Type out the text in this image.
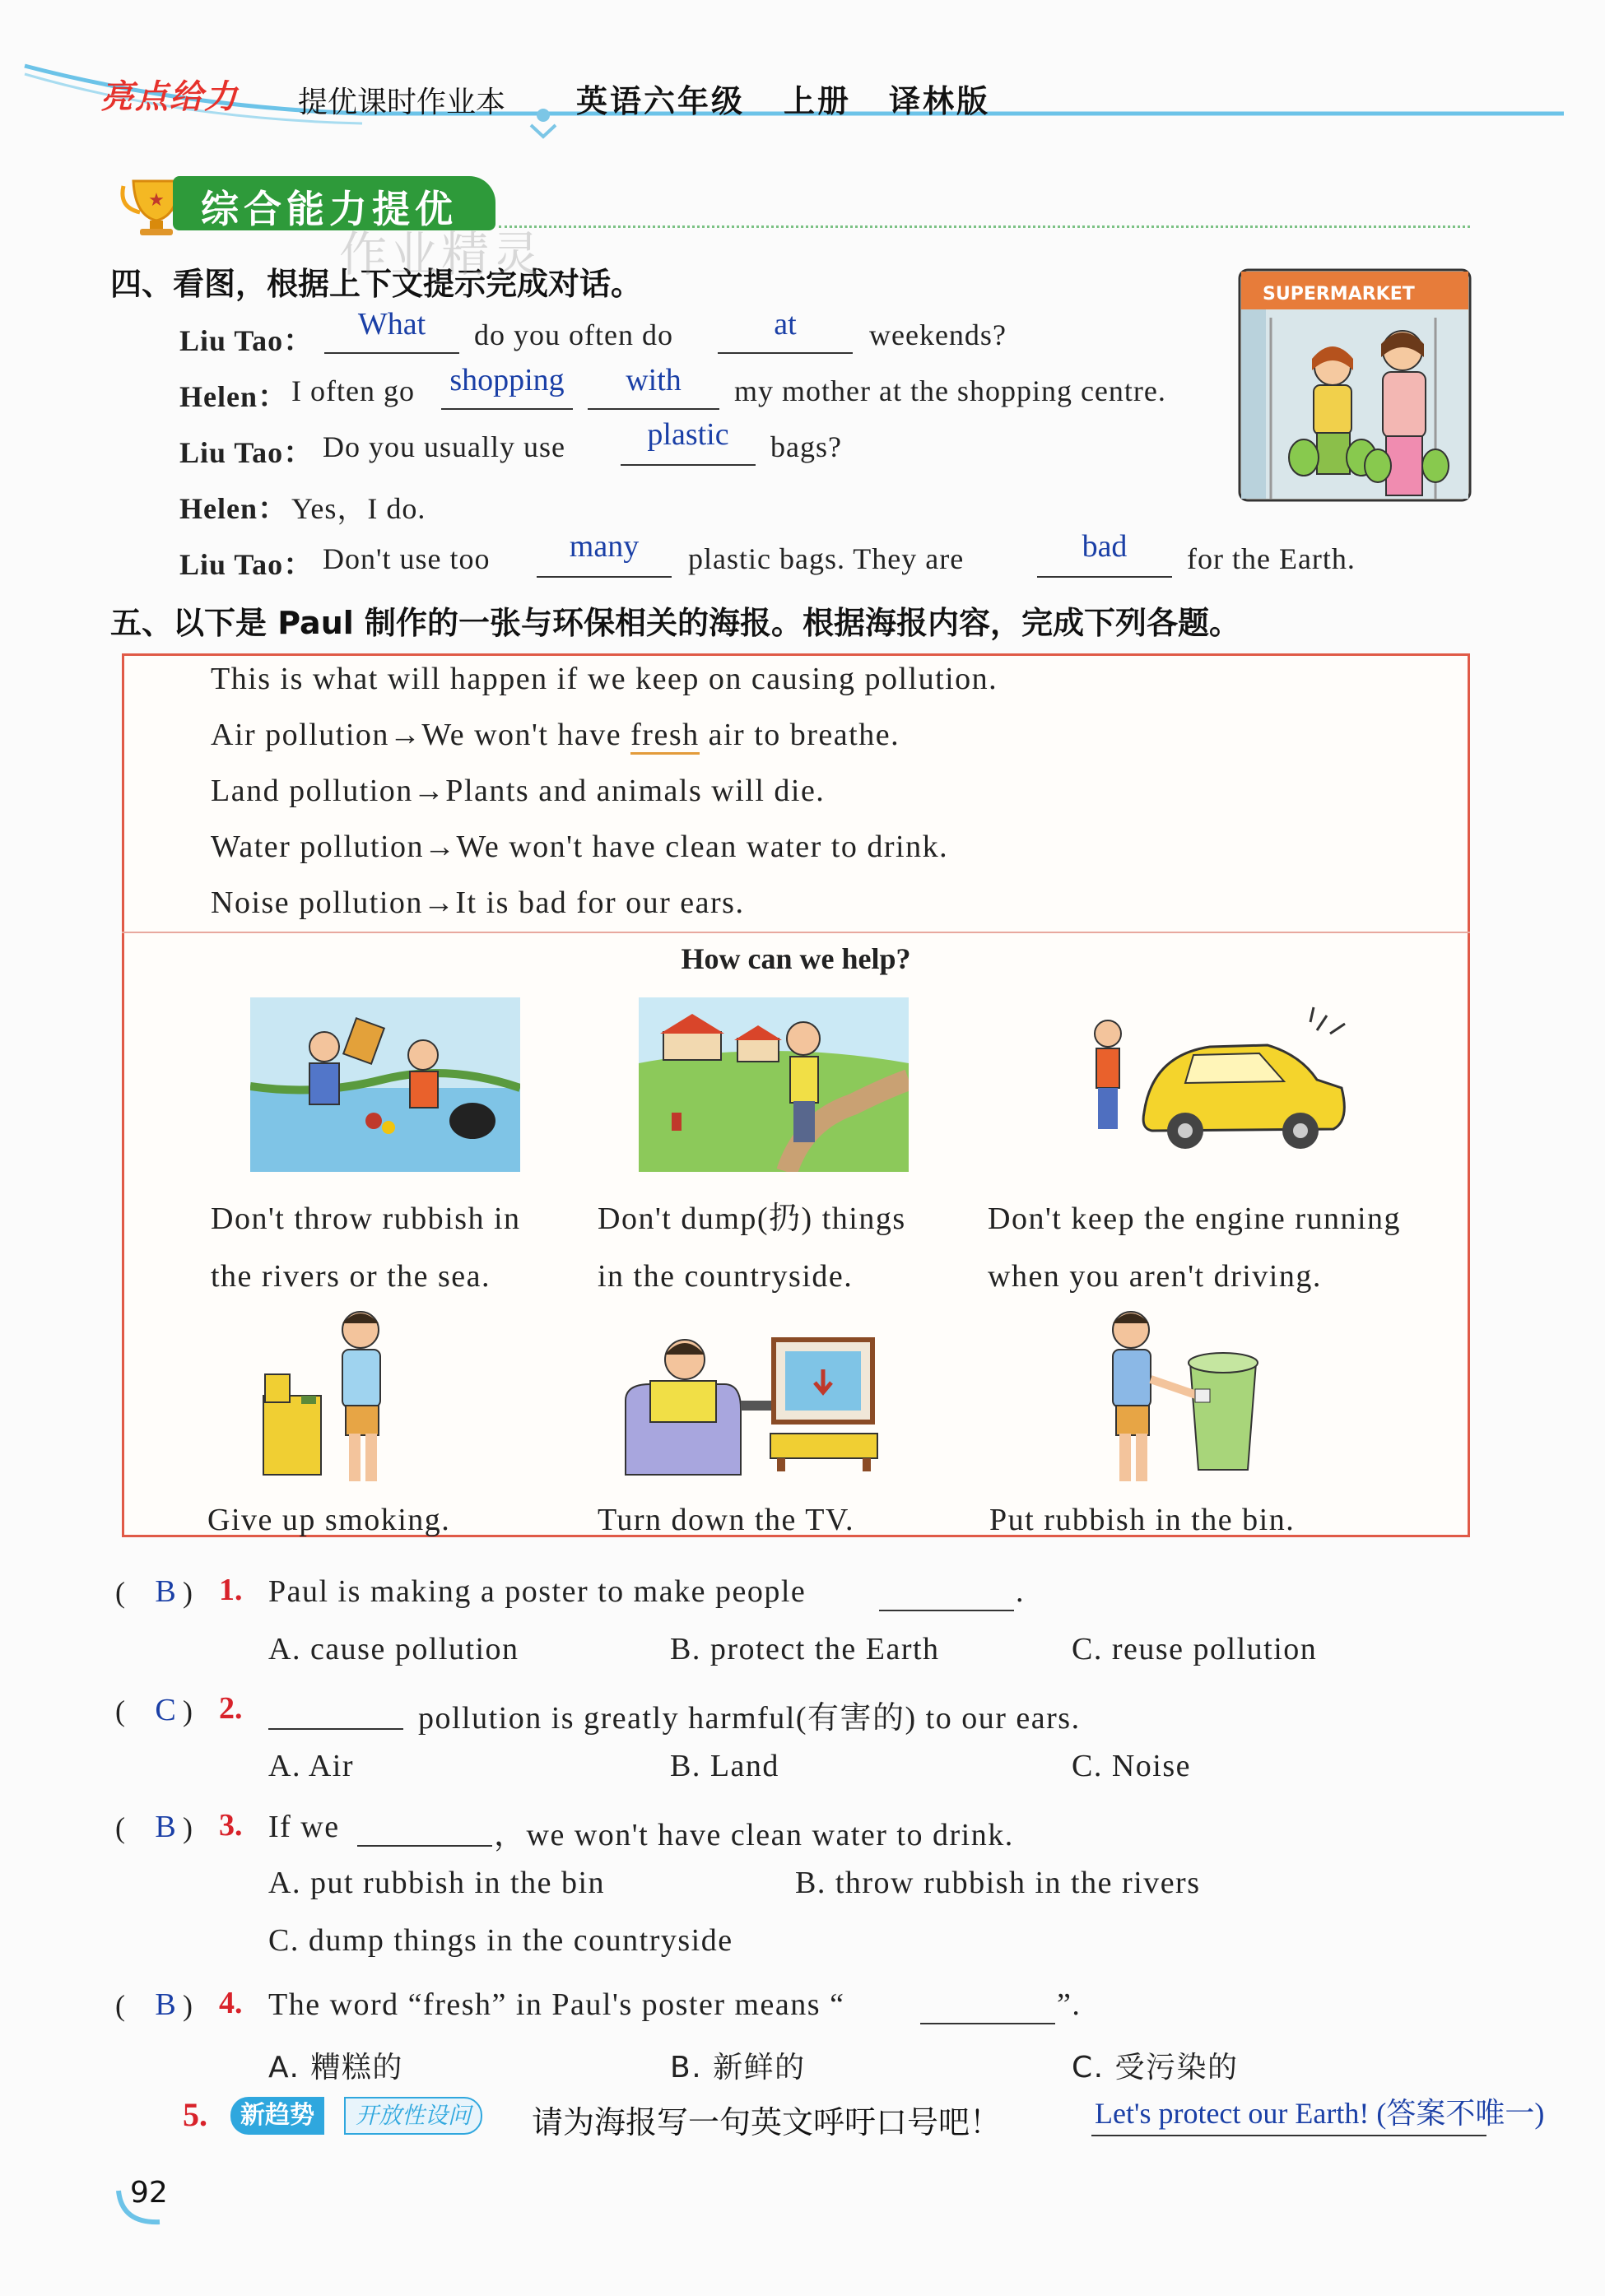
亮点给力 提优课时作业本 英语六年级 上册 译林版
★ 综合能力提优
四、看图，根据上下文提示完成对话。
作业精灵
Liu Tao：	What	do you often do	at	weekends?
Helen： I often go shopping	with	my mother at the shopping centre.
Liu Tao： Do you usually use	plastic	bags?
Helen： Yes，I do.
Liu Tao： Don't use too	many	plastic bags. They are	bad	for the Earth.
SUPERMARKET
五、以下是 Paul 制作的一张与环保相关的海报。根据海报内容，完成下列各题。
This is what will happen if we keep on causing pollution.
Air pollution→We won't have fresh air to breathe.
Land pollution→Plants and animals will die.
Water pollution→We won't have clean water to drink.
Noise pollution→It is bad for our ears.
How can we help?
Don't throw rubbish in
the rivers or the sea.
Don't dump(扔) things
in the countryside.
Don't keep the engine running
when you aren't driving.
Give up smoking.	Turn down the TV.	Put rubbish in the bin.
( )
B	1. Paul is making a poster to make people	.
A. cause pollution	B. protect the Earth	C. reuse pollution
( )
C	2.	pollution is greatly harmful(有害的) to our ears.
A. Air	B. Land	C. Noise
( )
B	3. If we	，we won't have clean water to drink.
A. put rubbish in the bin	B. throw rubbish in the rivers
C. dump things in the countryside
( )
B	4. The word “fresh” in Paul's poster means “	”.
A. 糟糕的	B. 新鲜的	C. 受污染的
5.	新趋势	开放性设问	请为海报写一句英文呼吁口号吧！	Let's protect our Earth! (答案不唯一)
92
